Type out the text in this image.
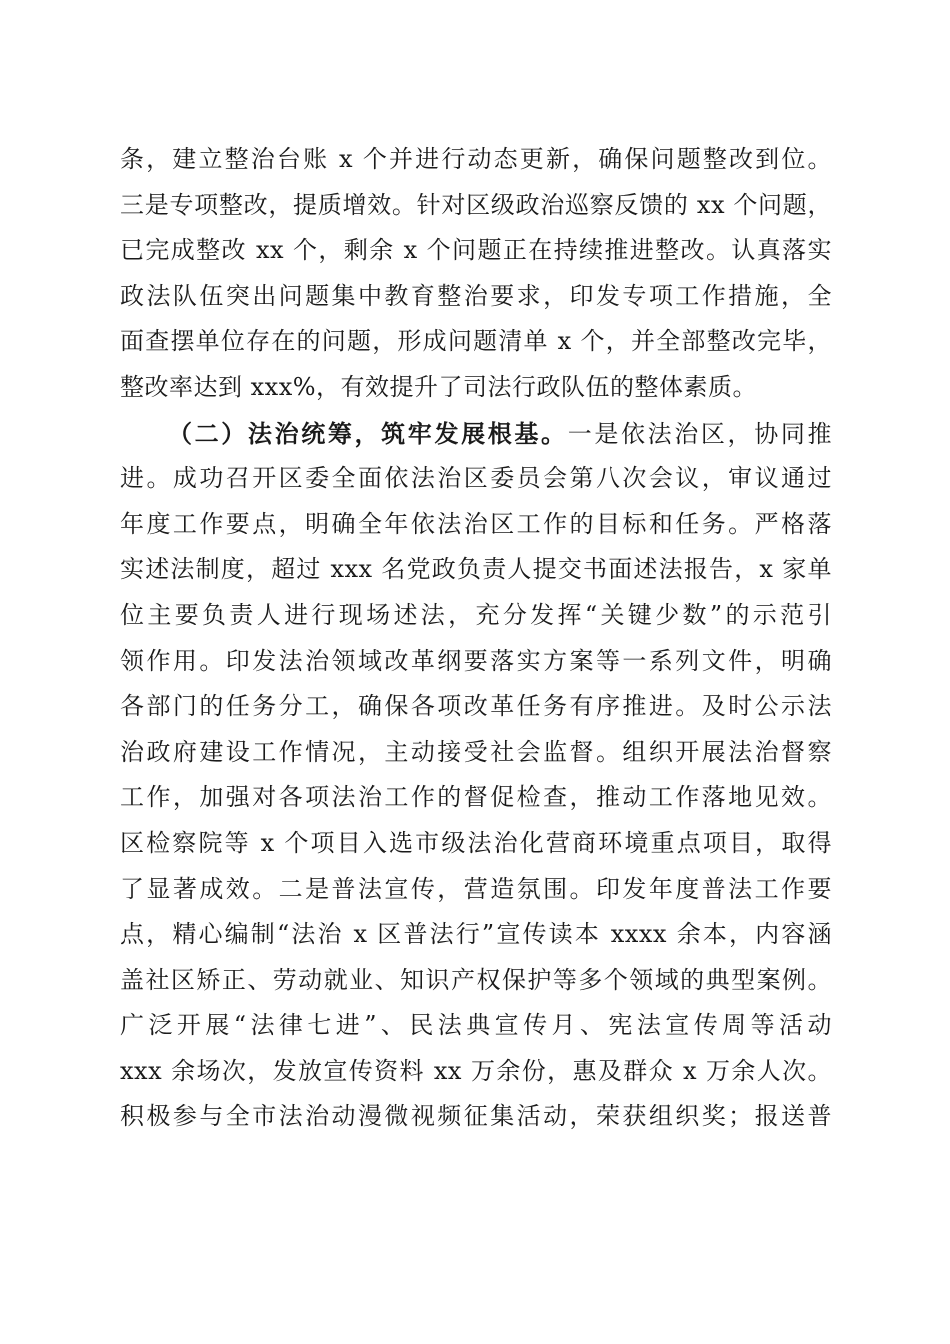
条，建立整治台账 x 个并进行动态更新，确保问题整改到位。
三是专项整改，提质增效。针对区级政治巡察反馈的 xx 个问题，
已完成整改 xx 个，剩余 x 个问题正在持续推进整改。认真落实
政法队伍突出问题集中教育整治要求，印发专项工作措施，全
面查摆单位存在的问题，形成问题清单 x 个，并全部整改完毕，
整改率达到 xxx%，有效提升了司法行政队伍的整体素质。
（二）法治统筹，筑牢发展根基。一是依法治区，协同推
进。成功召开区委全面依法治区委员会第八次会议，审议通过
年度工作要点，明确全年依法治区工作的目标和任务。严格落
实述法制度，超过 xxx 名党政负责人提交书面述法报告，x 家单
位主要负责人进行现场述法，充分发挥“关键少数”的示范引
领作用。印发法治领域改革纲要落实方案等一系列文件，明确
各部门的任务分工，确保各项改革任务有序推进。及时公示法
治政府建设工作情况，主动接受社会监督。组织开展法治督察
工作，加强对各项法治工作的督促检查，推动工作落地见效。
区检察院等 x 个项目入选市级法治化营商环境重点项目，取得
了显著成效。二是普法宣传，营造氛围。印发年度普法工作要
点，精心编制“法治 x 区普法行”宣传读本 xxxx 余本，内容涵
盖社区矫正、劳动就业、知识产权保护等多个领域的典型案例。
广泛开展“法律七进”、民法典宣传月、宪法宣传周等活动
xxx 余场次，发放宣传资料 xx 万余份，惠及群众 x 万余人次。
积极参与全市法治动漫微视频征集活动，荣获组织奖；报送普
